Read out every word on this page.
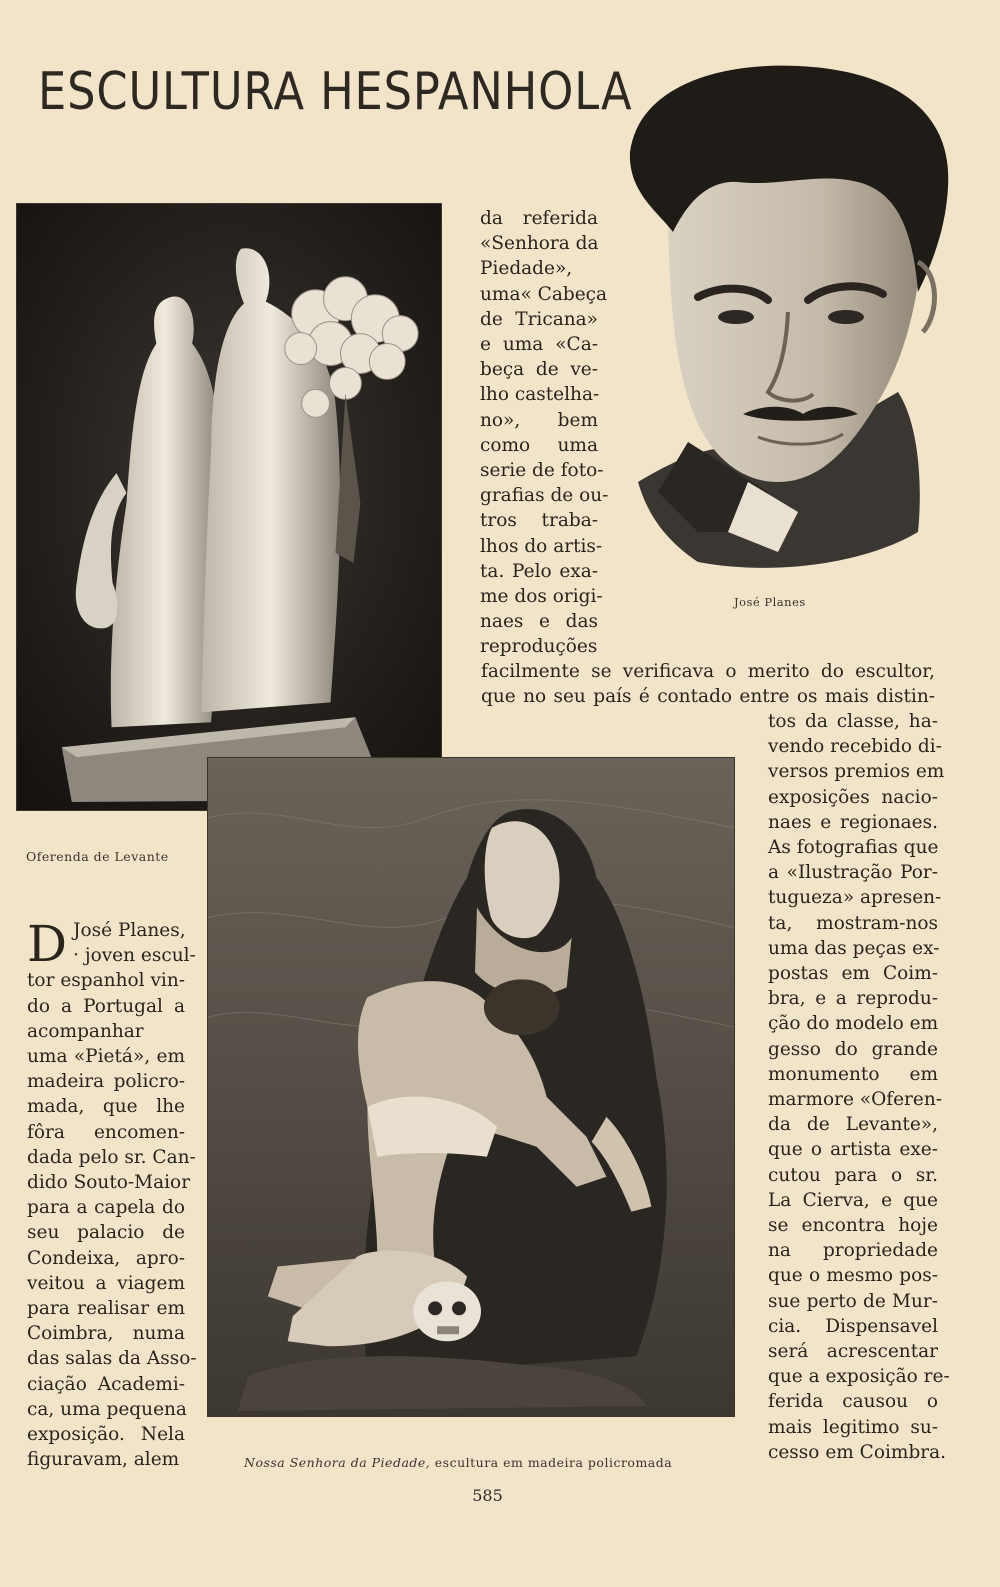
ESCULTURA HESPANHOLA

Oferenda de Levante

José Planes

Nossa Senhora da Piedade, escultura em madeira policromada

D José Planes,
· joven escul-
tor espanhol vin-
do a Portugal a
acompanhar
uma «Pietá», em
madeira policro-
mada, que lhe
fôra encomen-
dada pelo sr. Can-
dido Souto-Maior
para a capela do
seu palacio de
Condeixa, apro-
veitou a viagem
para realisar em
Coimbra, numa
das salas da Asso-
ciação Academi-
ca, uma pequena
exposição. Nela
figuravam, alem

da referida
«Senhora da
Piedade»,
uma« Cabeça
de Tricana»
e uma «Ca-
beça de ve-
lho castelha-
no», bem
como uma
serie de foto-
grafias de ou-
tros traba-
lhos do artis-
ta. Pelo exa-
me dos origi-
naes e das
reproduções

facilmente se verificava o merito do escultor,
que no seu país é contado entre os mais distin-

tos da classe, ha-
vendo recebido di-
versos premios em
exposições nacio-
naes e regionaes.
As fotografias que
a «Ilustração Por-
tugueza» apresen-
ta, mostram-nos
uma das peças ex-
postas em Coim-
bra, e a reprodu-
ção do modelo em
gesso do grande
monumento em
marmore «Oferen-
da de Levante»,
que o artista exe-
cutou para o sr.
La Cierva, e que
se encontra hoje
na propriedade
que o mesmo pos-
sue perto de Mur-
cia. Dispensavel
será acrescentar
que a exposição re-
ferida causou o
mais legitimo su-
cesso em Coimbra.

585
